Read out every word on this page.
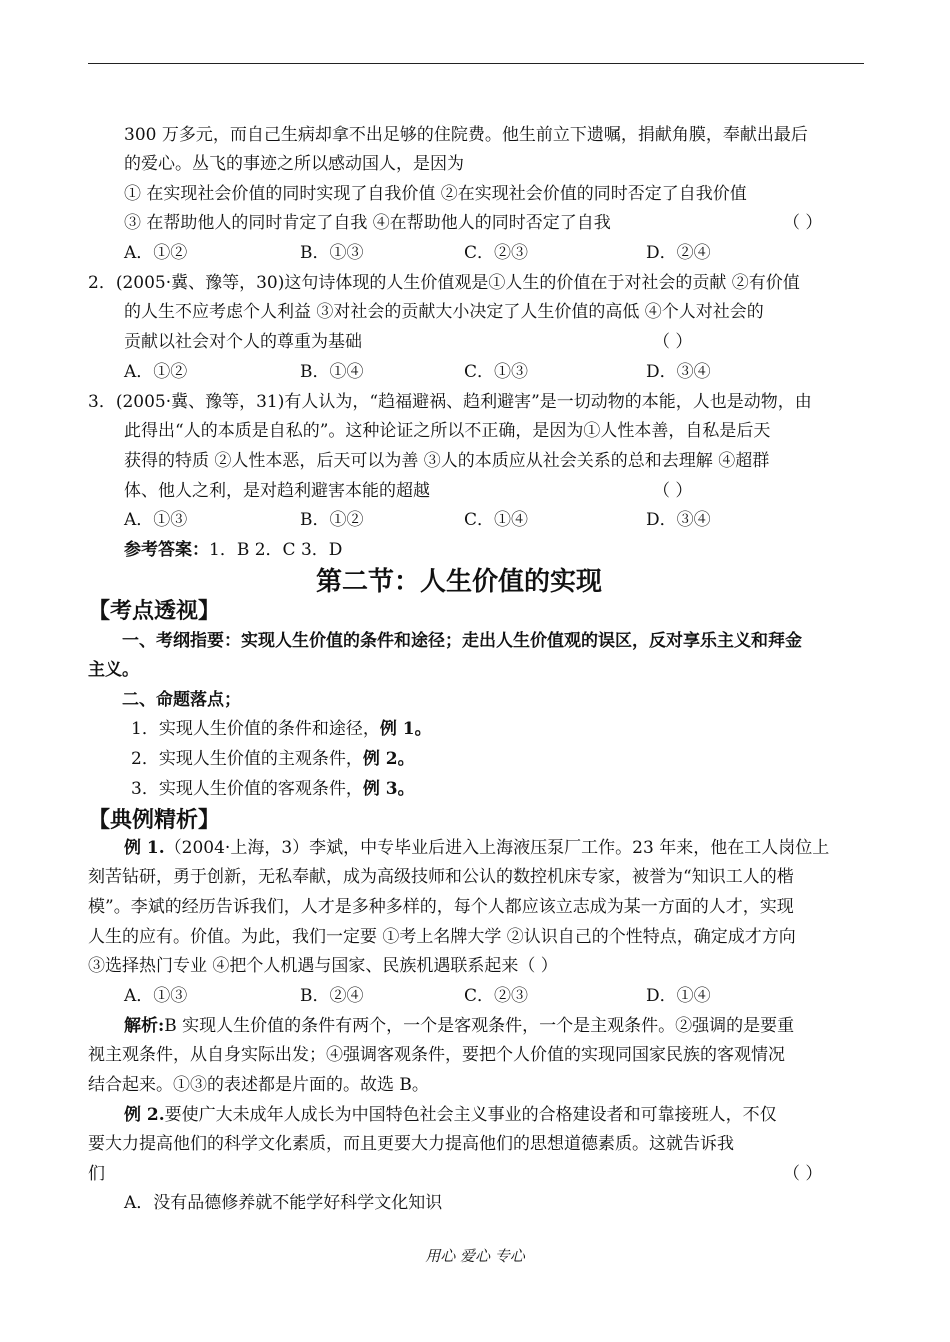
300 万多元，而自己生病却拿不出足够的住院费。他生前立下遗嘱，捐献角膜，奉献出最后
的爱心。丛飞的事迹之所以感动国人，是因为
① 在实现社会价值的同时实现了自我价值 ②在实现社会价值的同时否定了自我价值
③ 在帮助他人的同时肯定了自我 ④在帮助他人的同时否定了自我	（ ）
A．①②	B．①③	C．②③	D．②④
2．(2005·冀、豫等，30)这句诗体现的人生价值观是①人生的价值在于对社会的贡献 ②有价值
的人生不应考虑个人利益 ③对社会的贡献大小决定了人生价值的高低 ④个人对社会的
贡献以社会对个人的尊重为基础	（ ）
A．①②	B．①④	C．①③	D．③④
3．(2005·冀、豫等，31)有人认为，“趋福避祸、趋利避害”是一切动物的本能，人也是动物，由
此得出“人的本质是自私的”。这种论证之所以不正确，是因为①人性本善，自私是后天
获得的特质 ②人性本恶，后天可以为善 ③人的本质应从社会关系的总和去理解 ④超群
体、他人之利，是对趋利避害本能的超越	（ ）
A．①③	B．①②	C．①④	D．③④
参考答案：1．B 2．C 3．D
第二节：人生价值的实现
【考点透视】
一、考纲指要：实现人生价值的条件和途径；走出人生价值观的误区，反对享乐主义和拜金
主义。
二、命题落点；
1．实现人生价值的条件和途径，例 1。
2．实现人生价值的主观条件，例 2。
3．实现人生价值的客观条件，例 3。
【典例精析】
例 1.（2004·上海，3）李斌，中专毕业后进入上海液压泵厂工作。23 年来，他在工人岗位上
刻苦钻研，勇于创新，无私奉献，成为高级技师和公认的数控机床专家，被誉为“知识工人的楷
模”。李斌的经历告诉我们，人才是多种多样的，每个人都应该立志成为某一方面的人才，实现
人生的应有。价值。为此，我们一定要 ①考上名牌大学 ②认识自己的个性特点，确定成才方向
③选择热门专业 ④把个人机遇与国家、民族机遇联系起来（ ）
A．①③	B．②④	C．②③	D．①④
解析:B 实现人生价值的条件有两个，一个是客观条件，一个是主观条件。②强调的是要重
视主观条件，从自身实际出发；④强调客观条件，要把个人价值的实现同国家民族的客观情况
结合起来。①③的表述都是片面的。故选 B。
例 2.要使广大未成年人成长为中国特色社会主义事业的合格建设者和可靠接班人，不仅
要大力提高他们的科学文化素质，而且更要大力提高他们的思想道德素质。这就告诉我
们	（ ）
A．没有品德修养就不能学好科学文化知识
用心 爱心 专心
